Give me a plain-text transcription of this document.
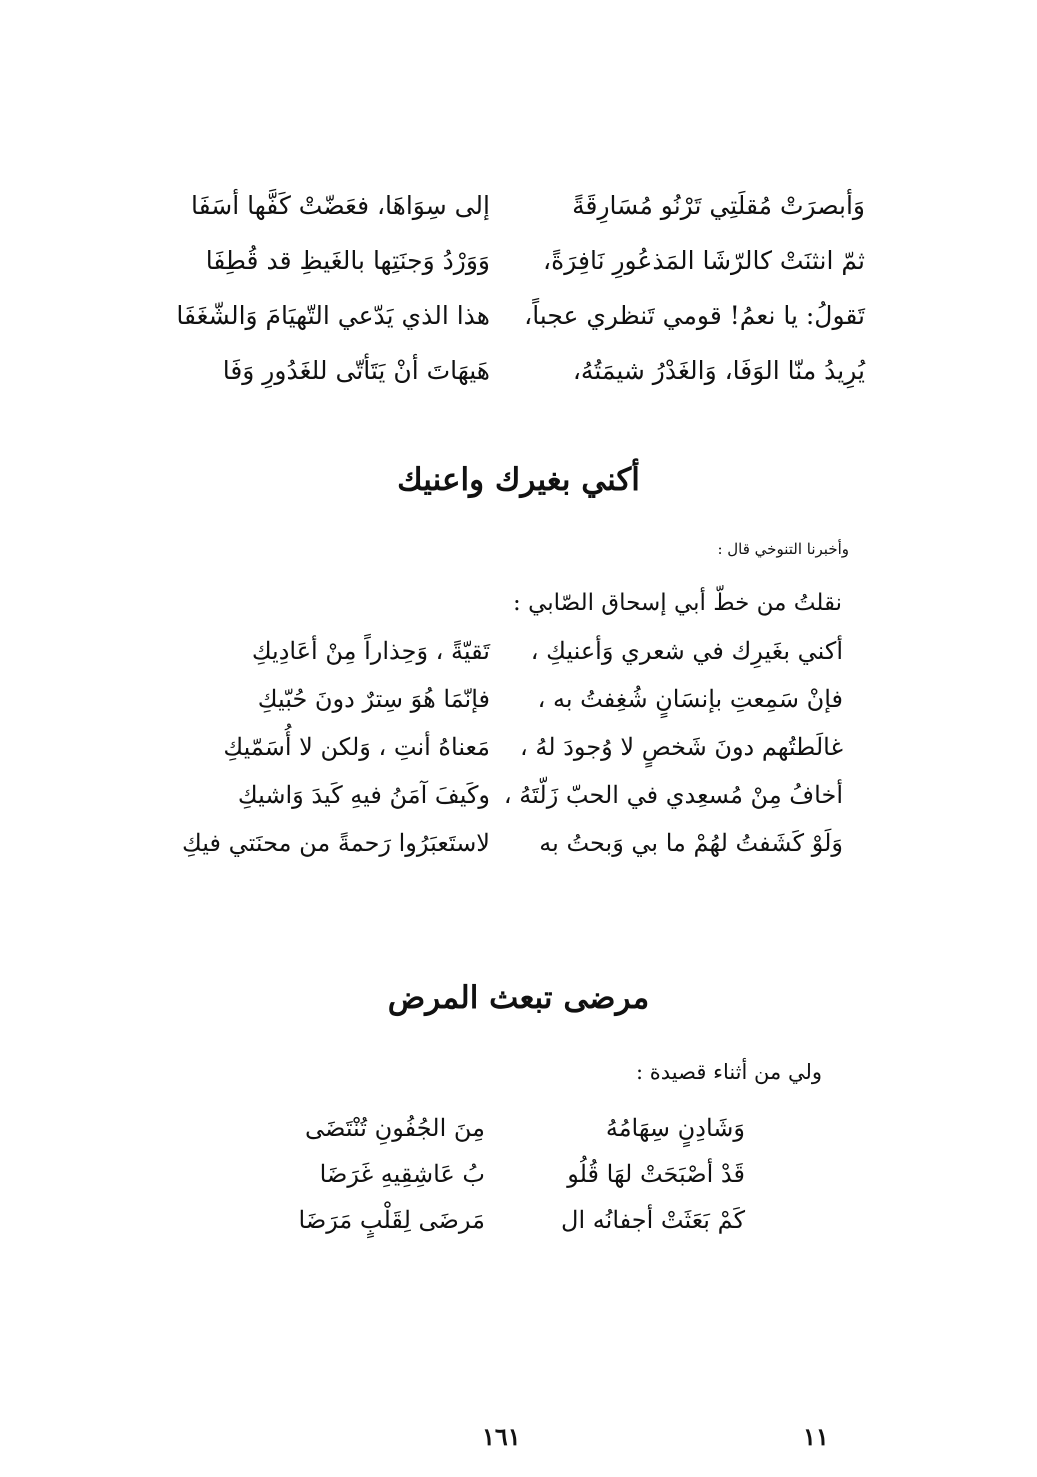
وَأبصرَتْ مُقلَتِي تَرْنُو مُسَارِقَةً
إلى سِوَاهَا، فعَضّتْ كَفَّها أسَفَا
ثمّ انثنَتْ كالرّشَا المَذعُورِ نَافِرَةً،
وَوَرْدُ وَجنَتِها بالغَيظِ قد قُطِفَا
تَقولُ: يا نعمُ! قومي تَنظري عجباً،
هذا الذي يَدّعي التّهيَامَ وَالشّغَفَا
يُرِيدُ منّا الوَفَا، وَالغَدْرُ شيمَتُهُ،
هَيهَاتَ أنْ يَتَأتّى للغَدُورِ وَفَا
أكني بغيرك واعنيك
وأخبرنا التنوخي قال :
نقلتُ من خطّ أبي إسحاق الصّابي :
أكني بغَيرِك في شعري وَأعنيكِ ،
تَقيّةً ، وَحِذاراً مِنْ أعَادِيكِ
فإنْ سَمِعتِ بإنسَانٍ شُغِفتُ به ،
فإنّمَا هُوَ سِترٌ دونَ حُبّيكِ
غالَطتُهم دونَ شَخصٍ لا وُجودَ لهُ ،
مَعناهُ أنتِ ، وَلكن لا أُسَمّيكِ
أخافُ مِنْ مُسعِدي في الحبّ زَلّتَهُ ،
وكَيفَ آمَنُ فيهِ كَيدَ وَاشيكِ
وَلَوْ كَشَفتُ لهُمْ ما بي وَبحتُ به
لاستَعبَرُوا رَحمةً من محنَتي فيكِ
مرضى تبعث المرض
ولي من أثناء قصيدة :
وَشَادِنٍ سِهَامُهُ
مِنَ الجُفُونِ تُنْتَضَى
قَدْ أصْبَحَتْ لهَا قُلُو
بُ عَاشِقِيهِ غَرَضَا
كَمْ بَعَثَتْ أجفانُه ال
مَرضَى لِقَلْبٍ مَرَضَا
١٦١	١١
